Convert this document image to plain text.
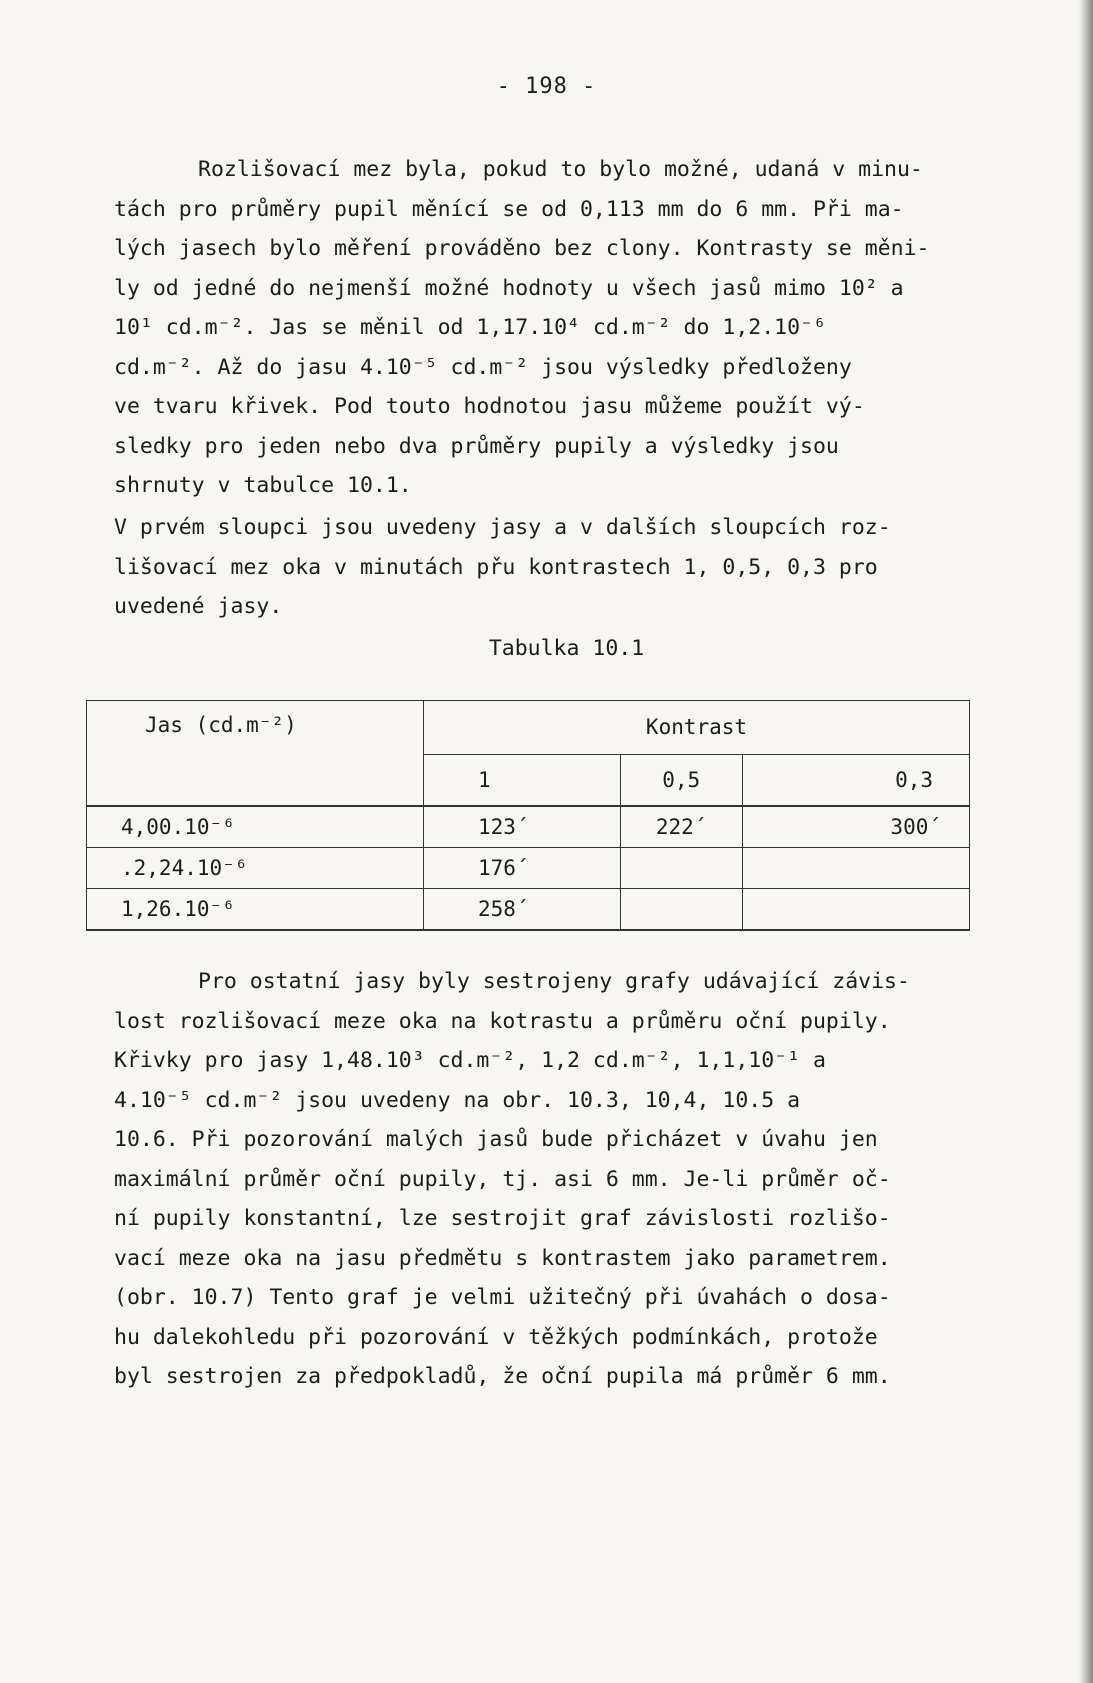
- 198 -
Rozlišovací mez byla, pokud to bylo možné, udaná v minu-
tách pro průměry pupil měnící se od 0,113 mm do 6 mm. Při ma-
lých jasech bylo měření prováděno bez clony. Kontrasty se měni-
ly od jedné do nejmenší možné hodnoty u všech jasů mimo 10² a
10¹ cd.m⁻². Jas se měnil od 1,17.10⁴ cd.m⁻² do 1,2.10⁻⁶
cd.m⁻². Až do jasu 4.10⁻⁵ cd.m⁻² jsou výsledky předloženy
ve tvaru křivek. Pod touto hodnotou jasu můžeme použít vý-
sledky pro jeden nebo dva průměry pupily a výsledky jsou
shrnuty v tabulce 10.1.
V prvém sloupci jsou uvedeny jasy a v dalších sloupcích roz-
lišovací mez oka v minutách přu kontrastech 1, 0,5, 0,3 pro
uvedené jasy.
Tabulka 10.1
Jas (cd.m⁻²)	Kontrast		
	1	0,5	0,3
4,00.10⁻⁶	123´	222´	300´
.2,24.10⁻⁶	176´		
1,26.10⁻⁶	258´		
Pro ostatní jasy byly sestrojeny grafy udávající závis-
lost rozlišovací meze oka na kotrastu a průměru oční pupily.
Křivky pro jasy 1,48.10³ cd.m⁻², 1,2 cd.m⁻², 1,1,10⁻¹ a
4.10⁻⁵ cd.m⁻² jsou uvedeny na obr. 10.3, 10,4, 10.5 a
10.6. Při pozorování malých jasů bude přicházet v úvahu jen
maximální průměr oční pupily, tj. asi 6 mm. Je-li průměr oč-
ní pupily konstantní, lze sestrojit graf závislosti rozlišo-
vací meze oka na jasu předmětu s kontrastem jako parametrem.
(obr. 10.7) Tento graf je velmi užitečný při úvahách o dosa-
hu dalekohledu při pozorování v těžkých podmínkách, protože
byl sestrojen za předpokladů, že oční pupila má průměr 6 mm.
